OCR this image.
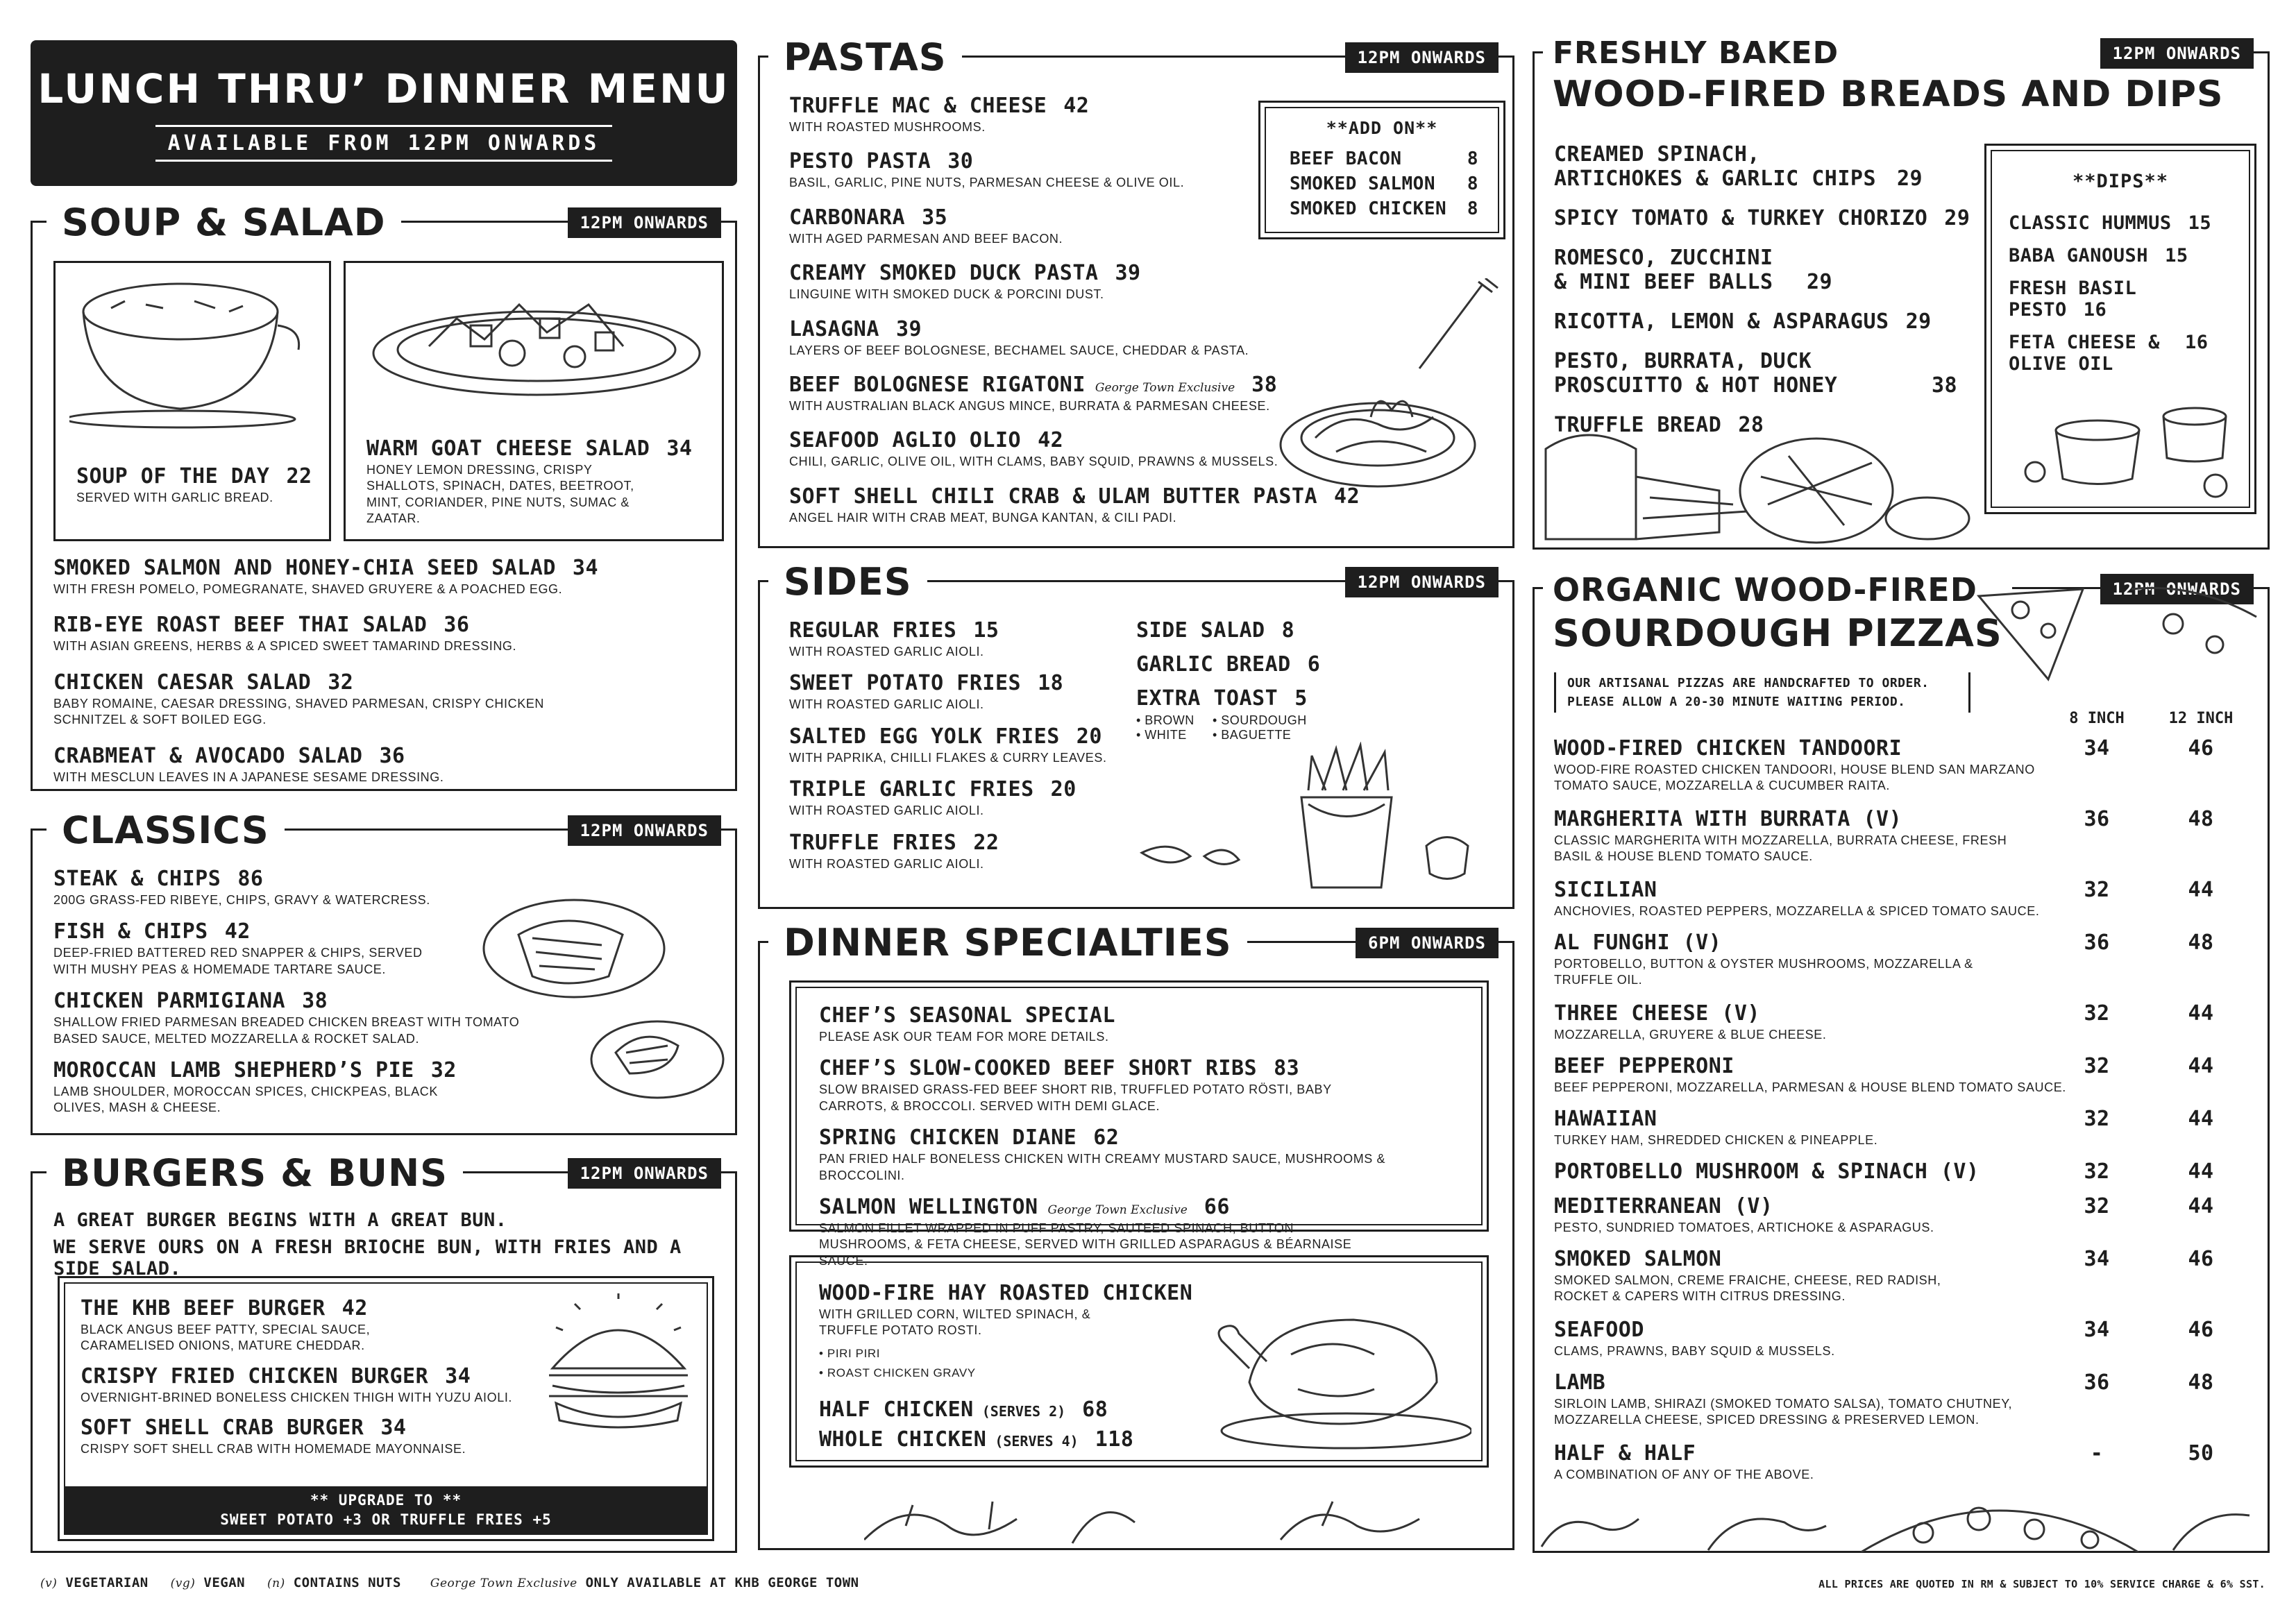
LUNCH THRU’ DINNER MENU
AVAILABLE FROM 12PM ONWARDS
SOUP & SALAD	12PM ONWARDS
SOUP OF THE DAY 22
SERVED WITH GARLIC BREAD.
WARM GOAT CHEESE SALAD 34
HONEY LEMON DRESSING, CRISPY SHALLOTS, SPINACH, DATES, BEETROOT, MINT, CORIANDER, PINE NUTS, SUMAC & ZAATAR.
SMOKED SALMON AND HONEY-CHIA SEED SALAD 34
WITH FRESH POMELO, POMEGRANATE, SHAVED GRUYERE & A POACHED EGG.
RIB-EYE ROAST BEEF THAI SALAD 36
WITH ASIAN GREENS, HERBS & A SPICED SWEET TAMARIND DRESSING.
CHICKEN CAESAR SALAD 32
BABY ROMAINE, CAESAR DRESSING, SHAVED PARMESAN, CRISPY CHICKEN SCHNITZEL & SOFT BOILED EGG.
CRABMEAT & AVOCADO SALAD 36
WITH MESCLUN LEAVES IN A JAPANESE SESAME DRESSING.
CLASSICS	12PM ONWARDS
STEAK & CHIPS 86
200G GRASS-FED RIBEYE, CHIPS, GRAVY & WATERCRESS.
FISH & CHIPS 42
DEEP-FRIED BATTERED RED SNAPPER & CHIPS, SERVED WITH MUSHY PEAS & HOMEMADE TARTARE SAUCE.
CHICKEN PARMIGIANA 38
SHALLOW FRIED PARMESAN BREADED CHICKEN BREAST WITH TOMATO BASED SAUCE, MELTED MOZZARELLA & ROCKET SALAD.
MOROCCAN LAMB SHEPHERD’S PIE 32
LAMB SHOULDER, MOROCCAN SPICES, CHICKPEAS, BLACK OLIVES, MASH & CHEESE.
BURGERS & BUNS	12PM ONWARDS
A GREAT BURGER BEGINS WITH A GREAT BUN.
WE SERVE OURS ON A FRESH BRIOCHE BUN, WITH FRIES AND A SIDE SALAD.
THE KHB BEEF BURGER 42
BLACK ANGUS BEEF PATTY, SPECIAL SAUCE, CARAMELISED ONIONS, MATURE CHEDDAR.
CRISPY FRIED CHICKEN BURGER 34
OVERNIGHT-BRINED BONELESS CHICKEN THIGH WITH YUZU AIOLI.
SOFT SHELL CRAB BURGER 34
CRISPY SOFT SHELL CRAB WITH HOMEMADE MAYONNAISE.
** UPGRADE TO **
SWEET POTATO +3 OR TRUFFLE FRIES +5
PASTAS	12PM ONWARDS
TRUFFLE MAC & CHEESE 42
WITH ROASTED MUSHROOMS.
PESTO PASTA 30
BASIL, GARLIC, PINE NUTS, PARMESAN CHEESE & OLIVE OIL.
CARBONARA 35
WITH AGED PARMESAN AND BEEF BACON.
CREAMY SMOKED DUCK PASTA 39
LINGUINE WITH SMOKED DUCK & PORCINI DUST.
LASAGNA 39
LAYERS OF BEEF BOLOGNESE, BECHAMEL SAUCE, CHEDDAR & PASTA.
BEEF BOLOGNESE RIGATONI George Town Exclusive 38
WITH AUSTRALIAN BLACK ANGUS MINCE, BURRATA & PARMESAN CHEESE.
SEAFOOD AGLIO OLIO 42
CHILI, GARLIC, OLIVE OIL, WITH CLAMS, BABY SQUID, PRAWNS & MUSSELS.
SOFT SHELL CHILI CRAB & ULAM BUTTER PASTA 42
ANGEL HAIR WITH CRAB MEAT, BUNGA KANTAN, & CILI PADI.
**ADD ON**
BEEF BACON	8
SMOKED SALMON 8
SMOKED CHICKEN 8
SIDES	12PM ONWARDS
REGULAR FRIES 15
WITH ROASTED GARLIC AIOLI.
SWEET POTATO FRIES 18
WITH ROASTED GARLIC AIOLI.
SALTED EGG YOLK FRIES 20
WITH PAPRIKA, CHILLI FLAKES & CURRY LEAVES.
TRIPLE GARLIC FRIES 20
WITH ROASTED GARLIC AIOLI.
TRUFFLE FRIES 22
WITH ROASTED GARLIC AIOLI.
SIDE SALAD 8
GARLIC BREAD 6
EXTRA TOAST 5
• BROWN	• SOURDOUGH
• WHITE	• BAGUETTE
DINNER SPECIALTIES	6PM ONWARDS
CHEF’S SEASONAL SPECIAL
PLEASE ASK OUR TEAM FOR MORE DETAILS.
CHEF’S SLOW-COOKED BEEF SHORT RIBS 83
SLOW BRAISED GRASS-FED BEEF SHORT RIB, TRUFFLED POTATO RÖSTI, BABY CARROTS, & BROCCOLI. SERVED WITH DEMI GLACE.
SPRING CHICKEN DIANE 62
PAN FRIED HALF BONELESS CHICKEN WITH CREAMY MUSTARD SAUCE, MUSHROOMS & BROCCOLINI.
SALMON WELLINGTON George Town Exclusive 66
SALMON FILLET WRAPPED IN PUFF PASTRY, SAUTEED SPINACH, BUTTON MUSHROOMS, & FETA CHEESE, SERVED WITH GRILLED ASPARAGUS & BÉARNAISE SAUCE.
WOOD-FIRE HAY ROASTED CHICKEN
WITH GRILLED CORN, WILTED SPINACH, & TRUFFLE POTATO ROSTI.
• PIRI PIRI
• ROAST CHICKEN GRAVY
HALF CHICKEN (SERVES 2) 68
WHOLE CHICKEN (SERVES 4) 118
FRESHLY BAKED
WOOD-FIRED BREADS AND DIPS
12PM ONWARDS
CREAMED SPINACH, ARTICHOKES & GARLIC CHIPS 29
SPICY TOMATO & TURKEY CHORIZO 29
ROMESCO, ZUCCHINI & MINI BEEF BALLS 29
RICOTTA, LEMON & ASPARAGUS 29
PESTO, BURRATA, DUCK PROSCUITTO & HOT HONEY	38
TRUFFLE BREAD 28
**DIPS**
CLASSIC HUMMUS 15
BABA GANOUSH 15
FRESH BASIL PESTO 16
FETA CHEESE & OLIVE OIL16
ORGANIC WOOD-FIRED
SOURDOUGH PIZZAS
12PM ONWARDS
OUR ARTISANAL PIZZAS ARE HANDCRAFTED TO ORDER. PLEASE ALLOW A 20-30 MINUTE WAITING PERIOD.
8 INCH	12 INCH
WOOD-FIRED CHICKEN TANDOORI
WOOD-FIRE ROASTED CHICKEN TANDOORI, HOUSE BLEND SAN MARZANO TOMATO SAUCE, MOZZARELLA & CUCUMBER RAITA.
34	46
MARGHERITA WITH BURRATA (V)
CLASSIC MARGHERITA WITH MOZZARELLA, BURRATA CHEESE, FRESH BASIL & HOUSE BLEND TOMATO SAUCE.
36	48
SICILIAN
ANCHOVIES, ROASTED PEPPERS, MOZZARELLA & SPICED TOMATO SAUCE.
32	44
AL FUNGHI (V)
PORTOBELLO, BUTTON & OYSTER MUSHROOMS, MOZZARELLA & TRUFFLE OIL.
36	48
THREE CHEESE (V)
MOZZARELLA, GRUYERE & BLUE CHEESE.
32	44
BEEF PEPPERONI
BEEF PEPPERONI, MOZZARELLA, PARMESAN & HOUSE BLEND TOMATO SAUCE.
32	44
HAWAIIAN
TURKEY HAM, SHREDDED CHICKEN & PINEAPPLE.
32	44
PORTOBELLO MUSHROOM & SPINACH (V)	32	44
MEDITERRANEAN (V)
PESTO, SUNDRIED TOMATOES, ARTICHOKE & ASPARAGUS.
32	44
SMOKED SALMON
SMOKED SALMON, CREME FRAICHE, CHEESE, RED RADISH, ROCKET & CAPERS WITH CITRUS DRESSING.
34	46
SEAFOOD
CLAMS, PRAWNS, BABY SQUID & MUSSELS.
34	46
LAMB
SIRLOIN LAMB, SHIRAZI (SMOKED TOMATO SALSA), TOMATO CHUTNEY, MOZZARELLA CHEESE, SPICED DRESSING & PRESERVED LEMON.
36	48
HALF & HALF
A COMBINATION OF ANY OF THE ABOVE.
-	50
(v) VEGETARIAN (vg) VEGAN (n) CONTAINS NUTS George Town Exclusive ONLY AVAILABLE AT KHB GEORGE TOWN	ALL PRICES ARE QUOTED IN RM & SUBJECT TO 10% SERVICE CHARGE & 6% SST.
